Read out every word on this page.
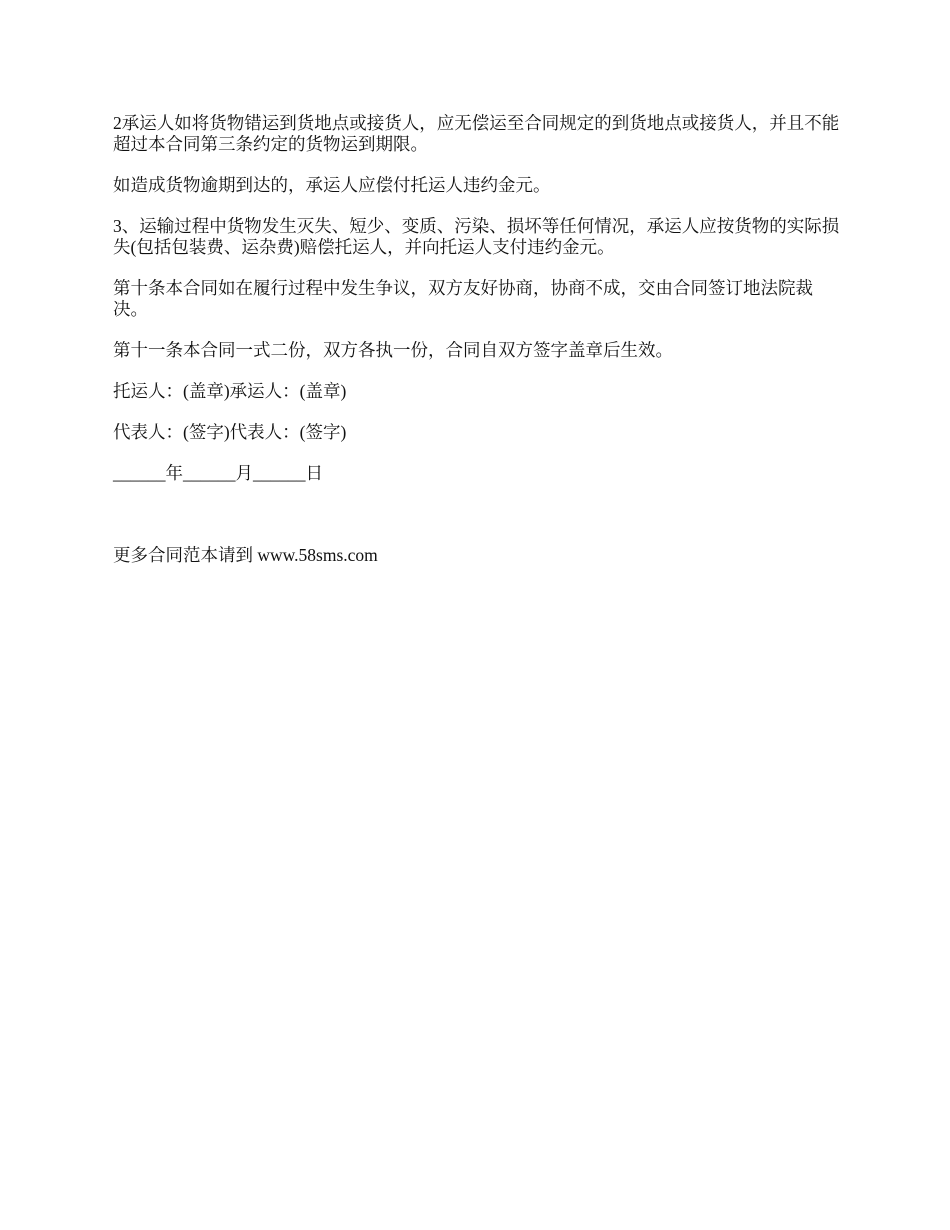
2承运人如将货物错运到货地点或接货人，应无偿运至合同规定的到货地点或接货人，并且不能超过本合同第三条约定的货物运到期限。

如造成货物逾期到达的，承运人应偿付托运人违约金元。

3、运输过程中货物发生灭失、短少、变质、污染、损坏等任何情况，承运人应按货物的实际损失(包括包装费、运杂费)赔偿托运人，并向托运人支付违约金元。

第十条本合同如在履行过程中发生争议，双方友好协商，协商不成，交由合同签订地法院裁决。

第十一条本合同一式二份，双方各执一份，合同自双方签字盖章后生效。

托运人：(盖章)承运人：(盖章)

代表人：(签字)代表人：(签字)

______年______月______日

更多合同范本请到 www.58sms.com
